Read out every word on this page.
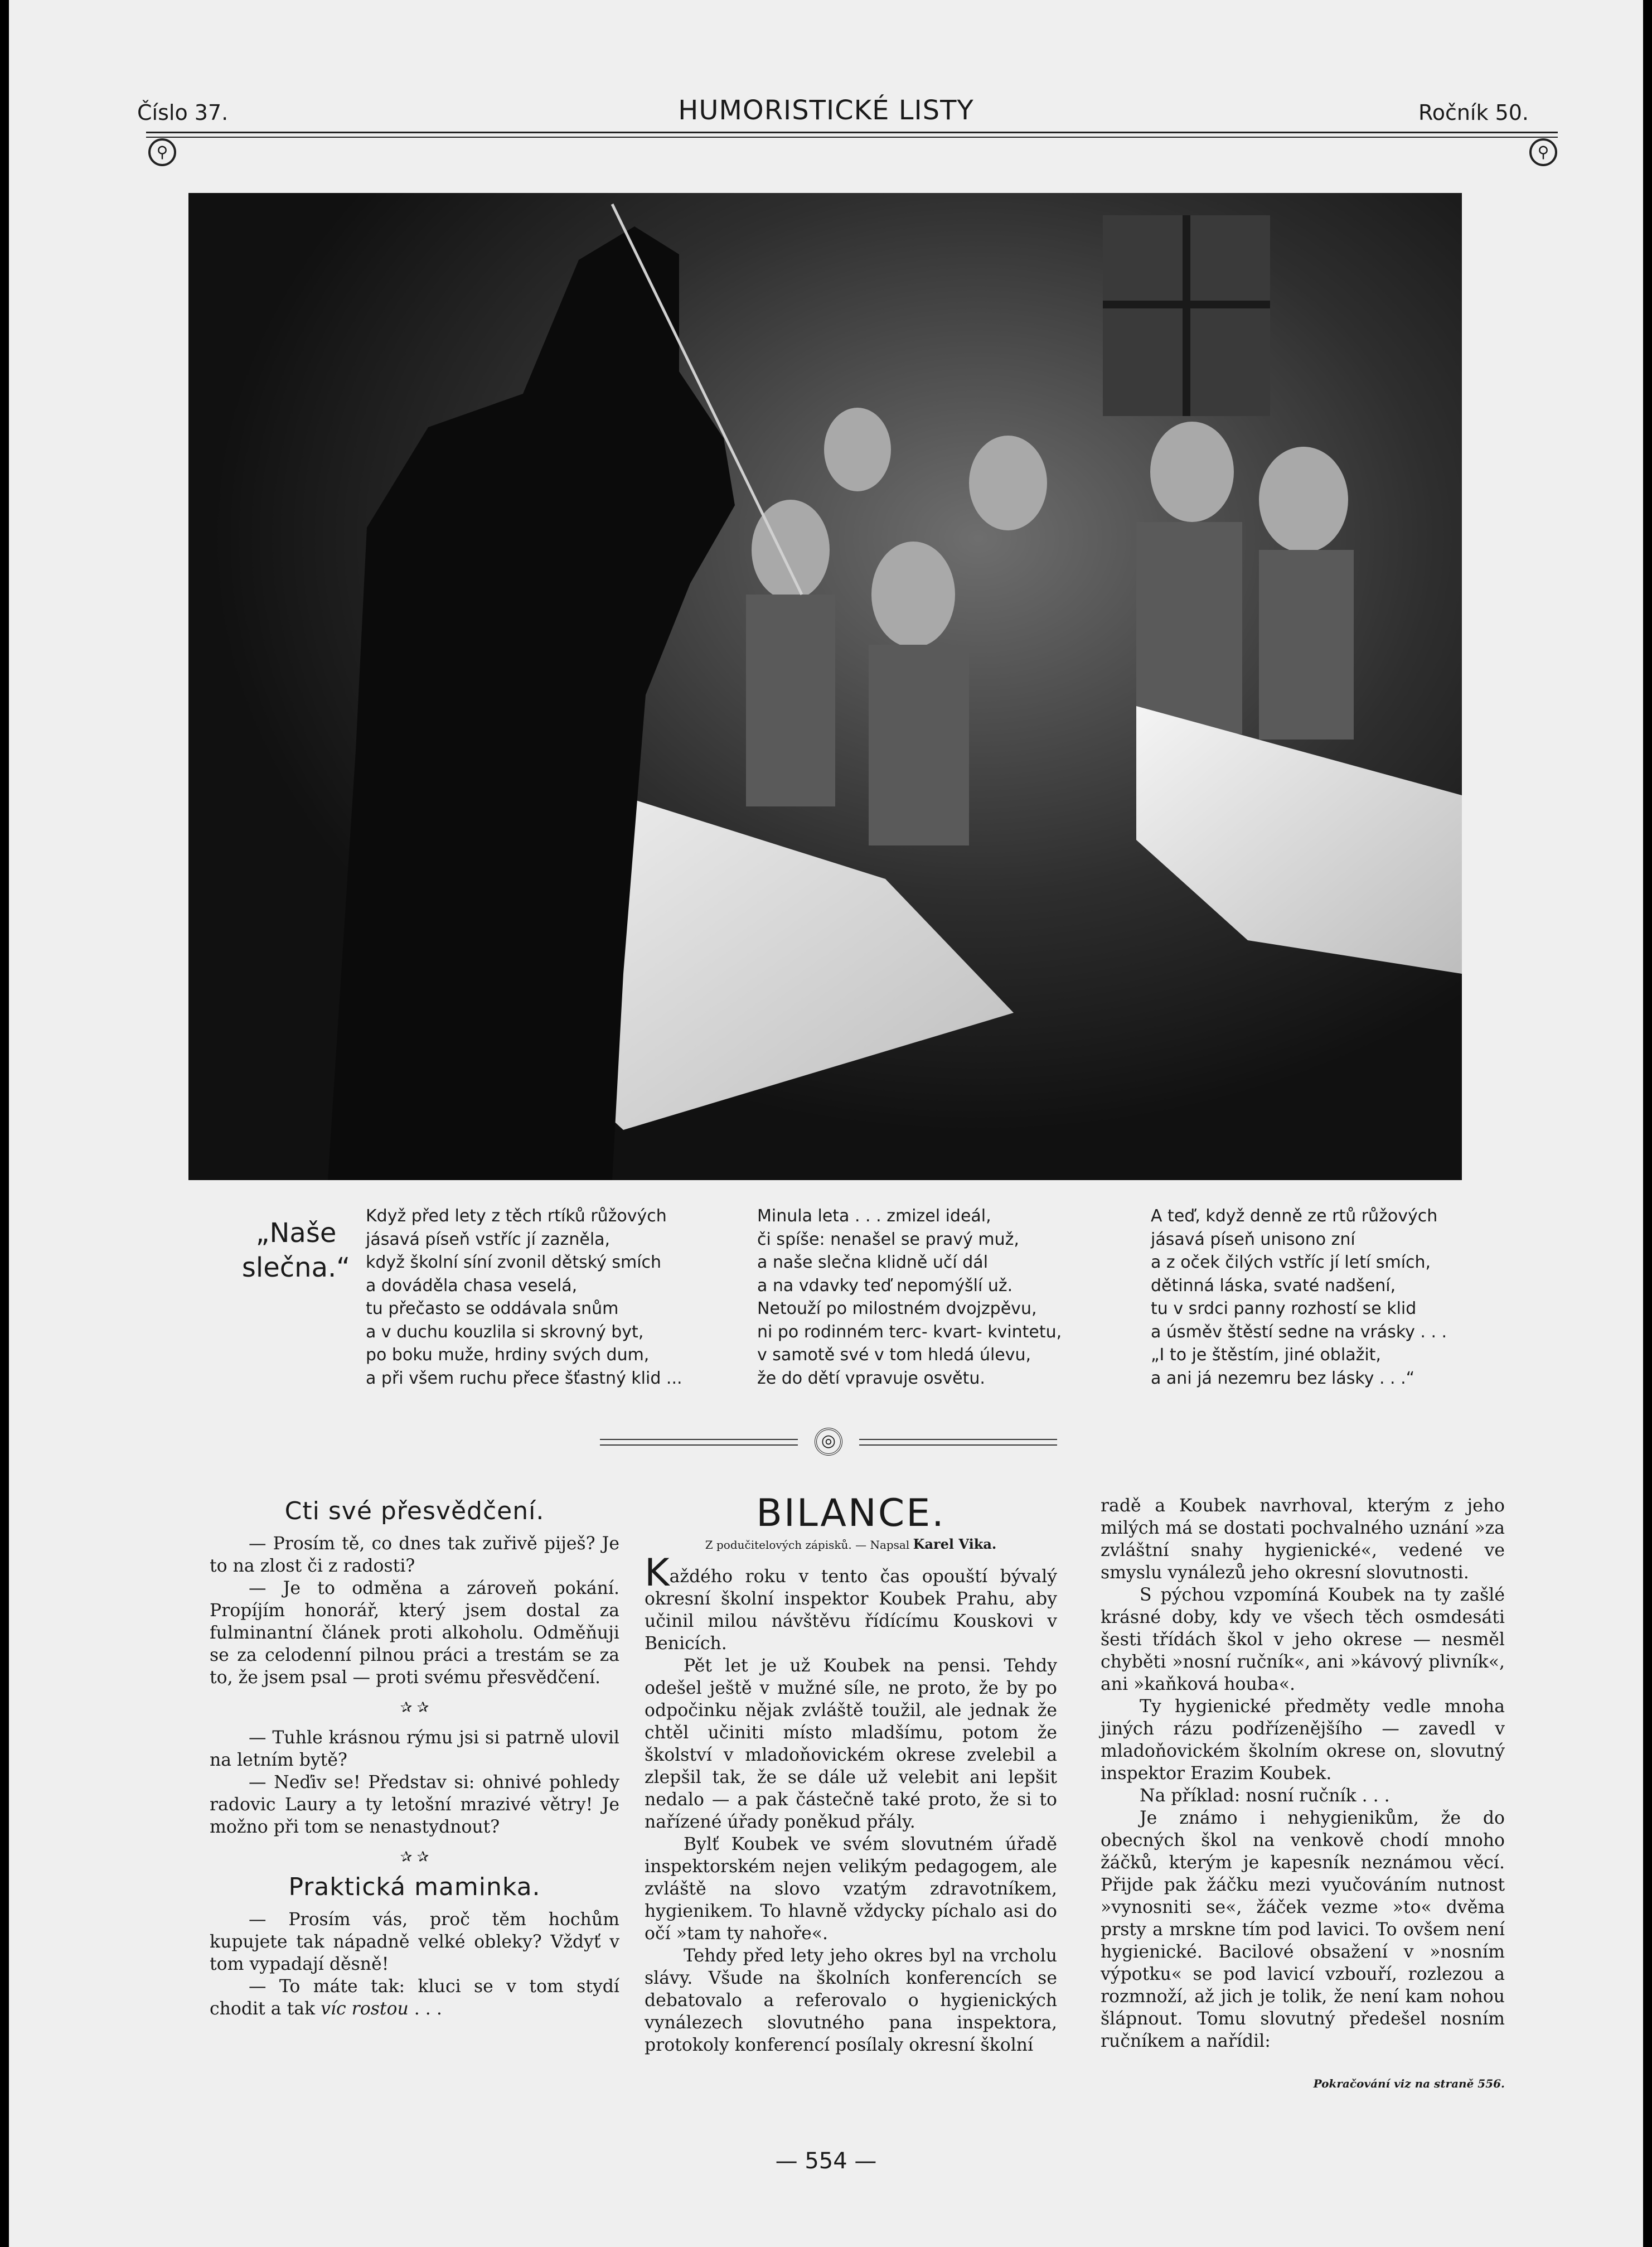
Číslo 37.	HUMORISTICKÉ LISTY	Ročník 50.
⚲	⚲
„Naše
slečna.“
Když před lety z těch rtíků růžových
jásavá píseň vstříc jí zazněla,
když školní síní zvonil dětský smích
a dováděla chasa veselá,
tu přečasto se oddávala snům
a v duchu kouzlila si skrovný byt,
po boku muže, hrdiny svých dum,
a při všem ruchu přece šťastný klid ...
Minula leta . . . zmizel ideál,
či spíše: nenašel se pravý muž,
a naše slečna klidně učí dál
a na vdavky teď nepomýšlí už.
Netouží po milostném dvojzpěvu,
ni po rodinném terc- kvart- kvintetu,
v samotě své v tom hledá úlevu,
že do dětí vpravuje osvětu.
A teď, když denně ze rtů růžových
jásavá píseň unisono zní
a z oček čilých vstříc jí letí smích,
dětinná láska, svaté nadšení,
tu v srdci panny rozhostí se klid
a úsměv štěstí sedne na vrásky . . .
„I to je štěstím, jiné oblažit,
a ani já nezemru bez lásky . . .“
◎
Cti své přesvědčení.

— Prosím tě, co dnes tak zuřivě piješ? Je to na zlost či z radosti?

— Je to odměna a zároveň pokání. Propíjím honorář, který jsem dostal za fulminantní článek proti alkoholu. Odměňuji se za celodenní pilnou práci a trestám se za to, že jsem psal — proti svému přesvědčení.

✰ ✰

— Tuhle krásnou rýmu jsi si patrně ulovil na letním bytě?

— Neďiv se! Představ si: ohnivé pohledy radovic Laury a ty letošní mrazivé větry! Je možno při tom se nenastydnout?

✰ ✰
Praktická maminka.

— Prosím vás, proč těm hochům kupujete tak nápadně velké obleky? Vždyť v tom vypadají děsně!

— To máte tak: kluci se v tom stydí chodit a tak víc rostou . . .

BILANCE.
Z podučitelových zápisků. — Napsal Karel Vika.

Každého roku v tento čas opouští bývalý okresní školní inspektor Koubek Prahu, aby učinil milou návštěvu řídícímu Kouskovi v Benicích.

Pět let je už Koubek na pensi. Tehdy odešel ještě v mužné síle, ne proto, že by po odpočinku nějak zvláště toužil, ale jednak že chtěl učiniti místo mladšímu, potom že školství v mladoňovickém okrese zvelebil a zlepšil tak, že se dále už velebit ani lepšit nedalo — a pak částečně také proto, že si to nařízené úřady poněkud přály.

Bylť Koubek ve svém slovutném úřadě inspektorském nejen velikým pedagogem, ale zvláště na slovo vzatým zdravotníkem, hygienikem. To hlavně vždycky píchalo asi do očí »tam ty nahoře«.

Tehdy před lety jeho okres byl na vrcholu slávy. Všude na školních konferencích se debatovalo a referovalo o hygienických vynálezech slovutného pana inspektora, protokoly konferencí posílaly okresní školní

radě a Koubek navrhoval, kterým z jeho milých má se dostati pochvalného uznání »za zvláštní snahy hygienické«, vedené ve smyslu vynálezů jeho okresní slovutnosti.

S pýchou vzpomíná Koubek na ty zašlé krásné doby, kdy ve všech těch osmdesáti šesti třídách škol v jeho okrese — nesměl chyběti »nosní ručník«, ani »kávový plivník«, ani »kaňková houba«.

Ty hygienické předměty vedle mnoha jiných rázu podřízenějšího — zavedl v mladoňovickém školním okrese on, slovutný inspektor Erazim Koubek.

Na příklad: nosní ručník . . .

Je známo i nehygienikům, že do obecných škol na venkově chodí mnoho žáčků, kterým je kapesník neznámou věcí. Přijde pak žáčku mezi vyučováním nutnost »vynosniti se«, žáček vezme »to« dvěma prsty a mrskne tím pod lavici. To ovšem není hygienické. Bacilové obsažení v »nosním výpotku« se pod lavicí vzbouří, rozlezou a rozmnoží, až jich je tolik, že není kam nohou šlápnout. Tomu slovutný předešel nosním ručníkem a nařídil:

Pokračování viz na straně 556.
— 554 —
